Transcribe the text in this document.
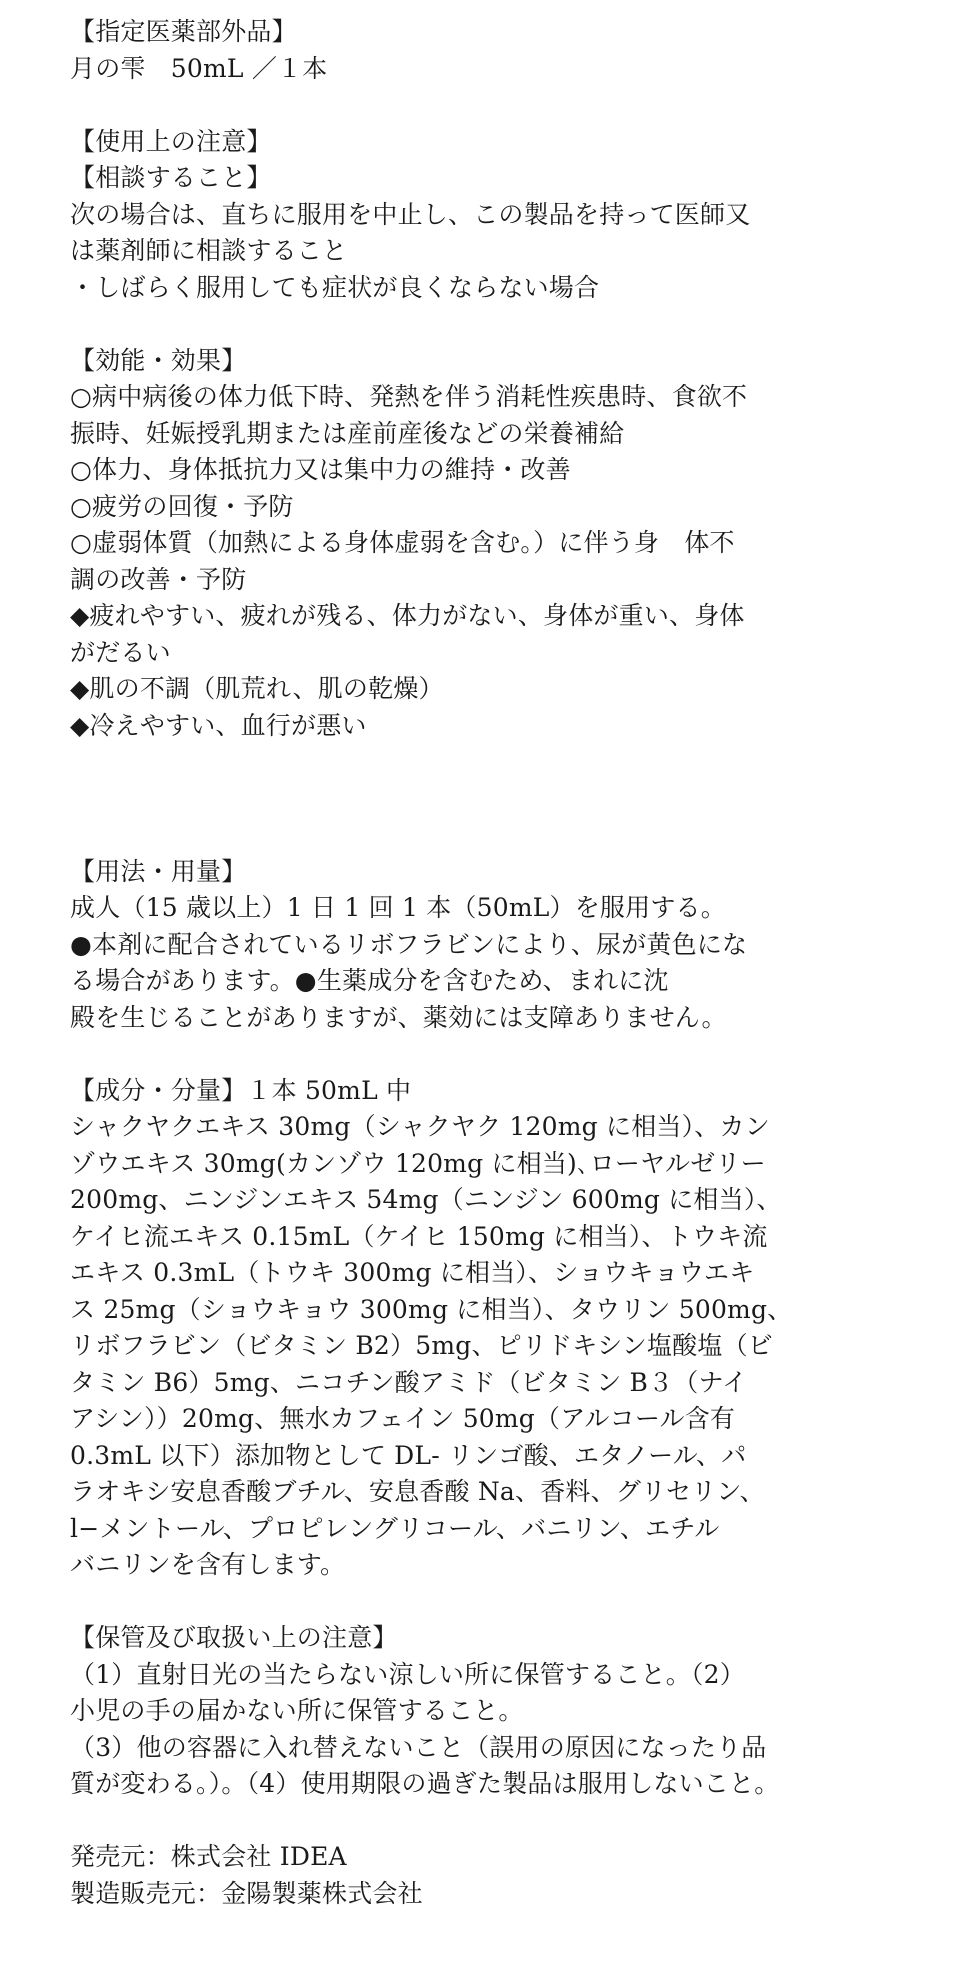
【指定医薬部外品】
月の雫　50mL ／１本
【使用上の注意】
【相談すること】
次の場合は、直ちに服用を中止し、この製品を持って医師又
は薬剤師に相談すること
・しばらく服用しても症状が良くならない場合
【効能・効果】
○病中病後の体力低下時、発熱を伴う消耗性疾患時、食欲不
振時、妊娠授乳期または産前産後などの栄養補給
○体力、身体抵抗力又は集中力の維持・改善
○疲労の回復・予防
○虚弱体質（加熱による身体虚弱を含む。）に伴う身　体不
調の改善・予防
◆疲れやすい、疲れが残る、体力がない、身体が重い、身体
がだるい
◆肌の不調（肌荒れ、肌の乾燥）
◆冷えやすい、血行が悪い
【用法・用量】
成人（15 歳以上）1 日 1 回 1 本（50mL）を服用する。
●本剤に配合されているリボフラビンにより、尿が黄色にな
る場合があります。●生薬成分を含むため、まれに沈
殿を生じることがありますが、薬効には支障ありません。
【成分・分量】１本 50mL 中
シャクヤクエキス 30mg（シャクヤク 120mg に相当）、カン
ゾウエキス 30mg(カンゾウ 120mg に相当)､ローヤルゼリー
200mg、ニンジンエキス 54mg（ニンジン 600mg に相当）、
ケイヒ流エキス 0.15mL（ケイヒ 150mg に相当）、トウキ流
エキス 0.3mL（トウキ 300mg に相当）、ショウキョウエキ
ス 25mg（ショウキョウ 300mg に相当）、タウリン 500mg、
リボフラビン（ビタミン B2）5mg、ピリドキシン塩酸塩（ビ
タミン B6）5mg、ニコチン酸アミド（ビタミン B３（ナイ
アシン））20mg、無水カフェイン 50mg（アルコール含有
0.3mL 以下）添加物として DL- リンゴ酸、エタノール、パ
ラオキシ安息香酸ブチル、安息香酸 Na、香料、グリセリン、
l−メントール、プロピレングリコール、バニリン、エチル
バニリンを含有します。
【保管及び取扱い上の注意】
（1）直射日光の当たらない涼しい所に保管すること。（2）
小児の手の届かない所に保管すること。
（3）他の容器に入れ替えないこと（誤用の原因になったり品
質が変わる。）。（4）使用期限の過ぎた製品は服用しないこと。
発売元：株式会社 IDEA
製造販売元：金陽製薬株式会社
